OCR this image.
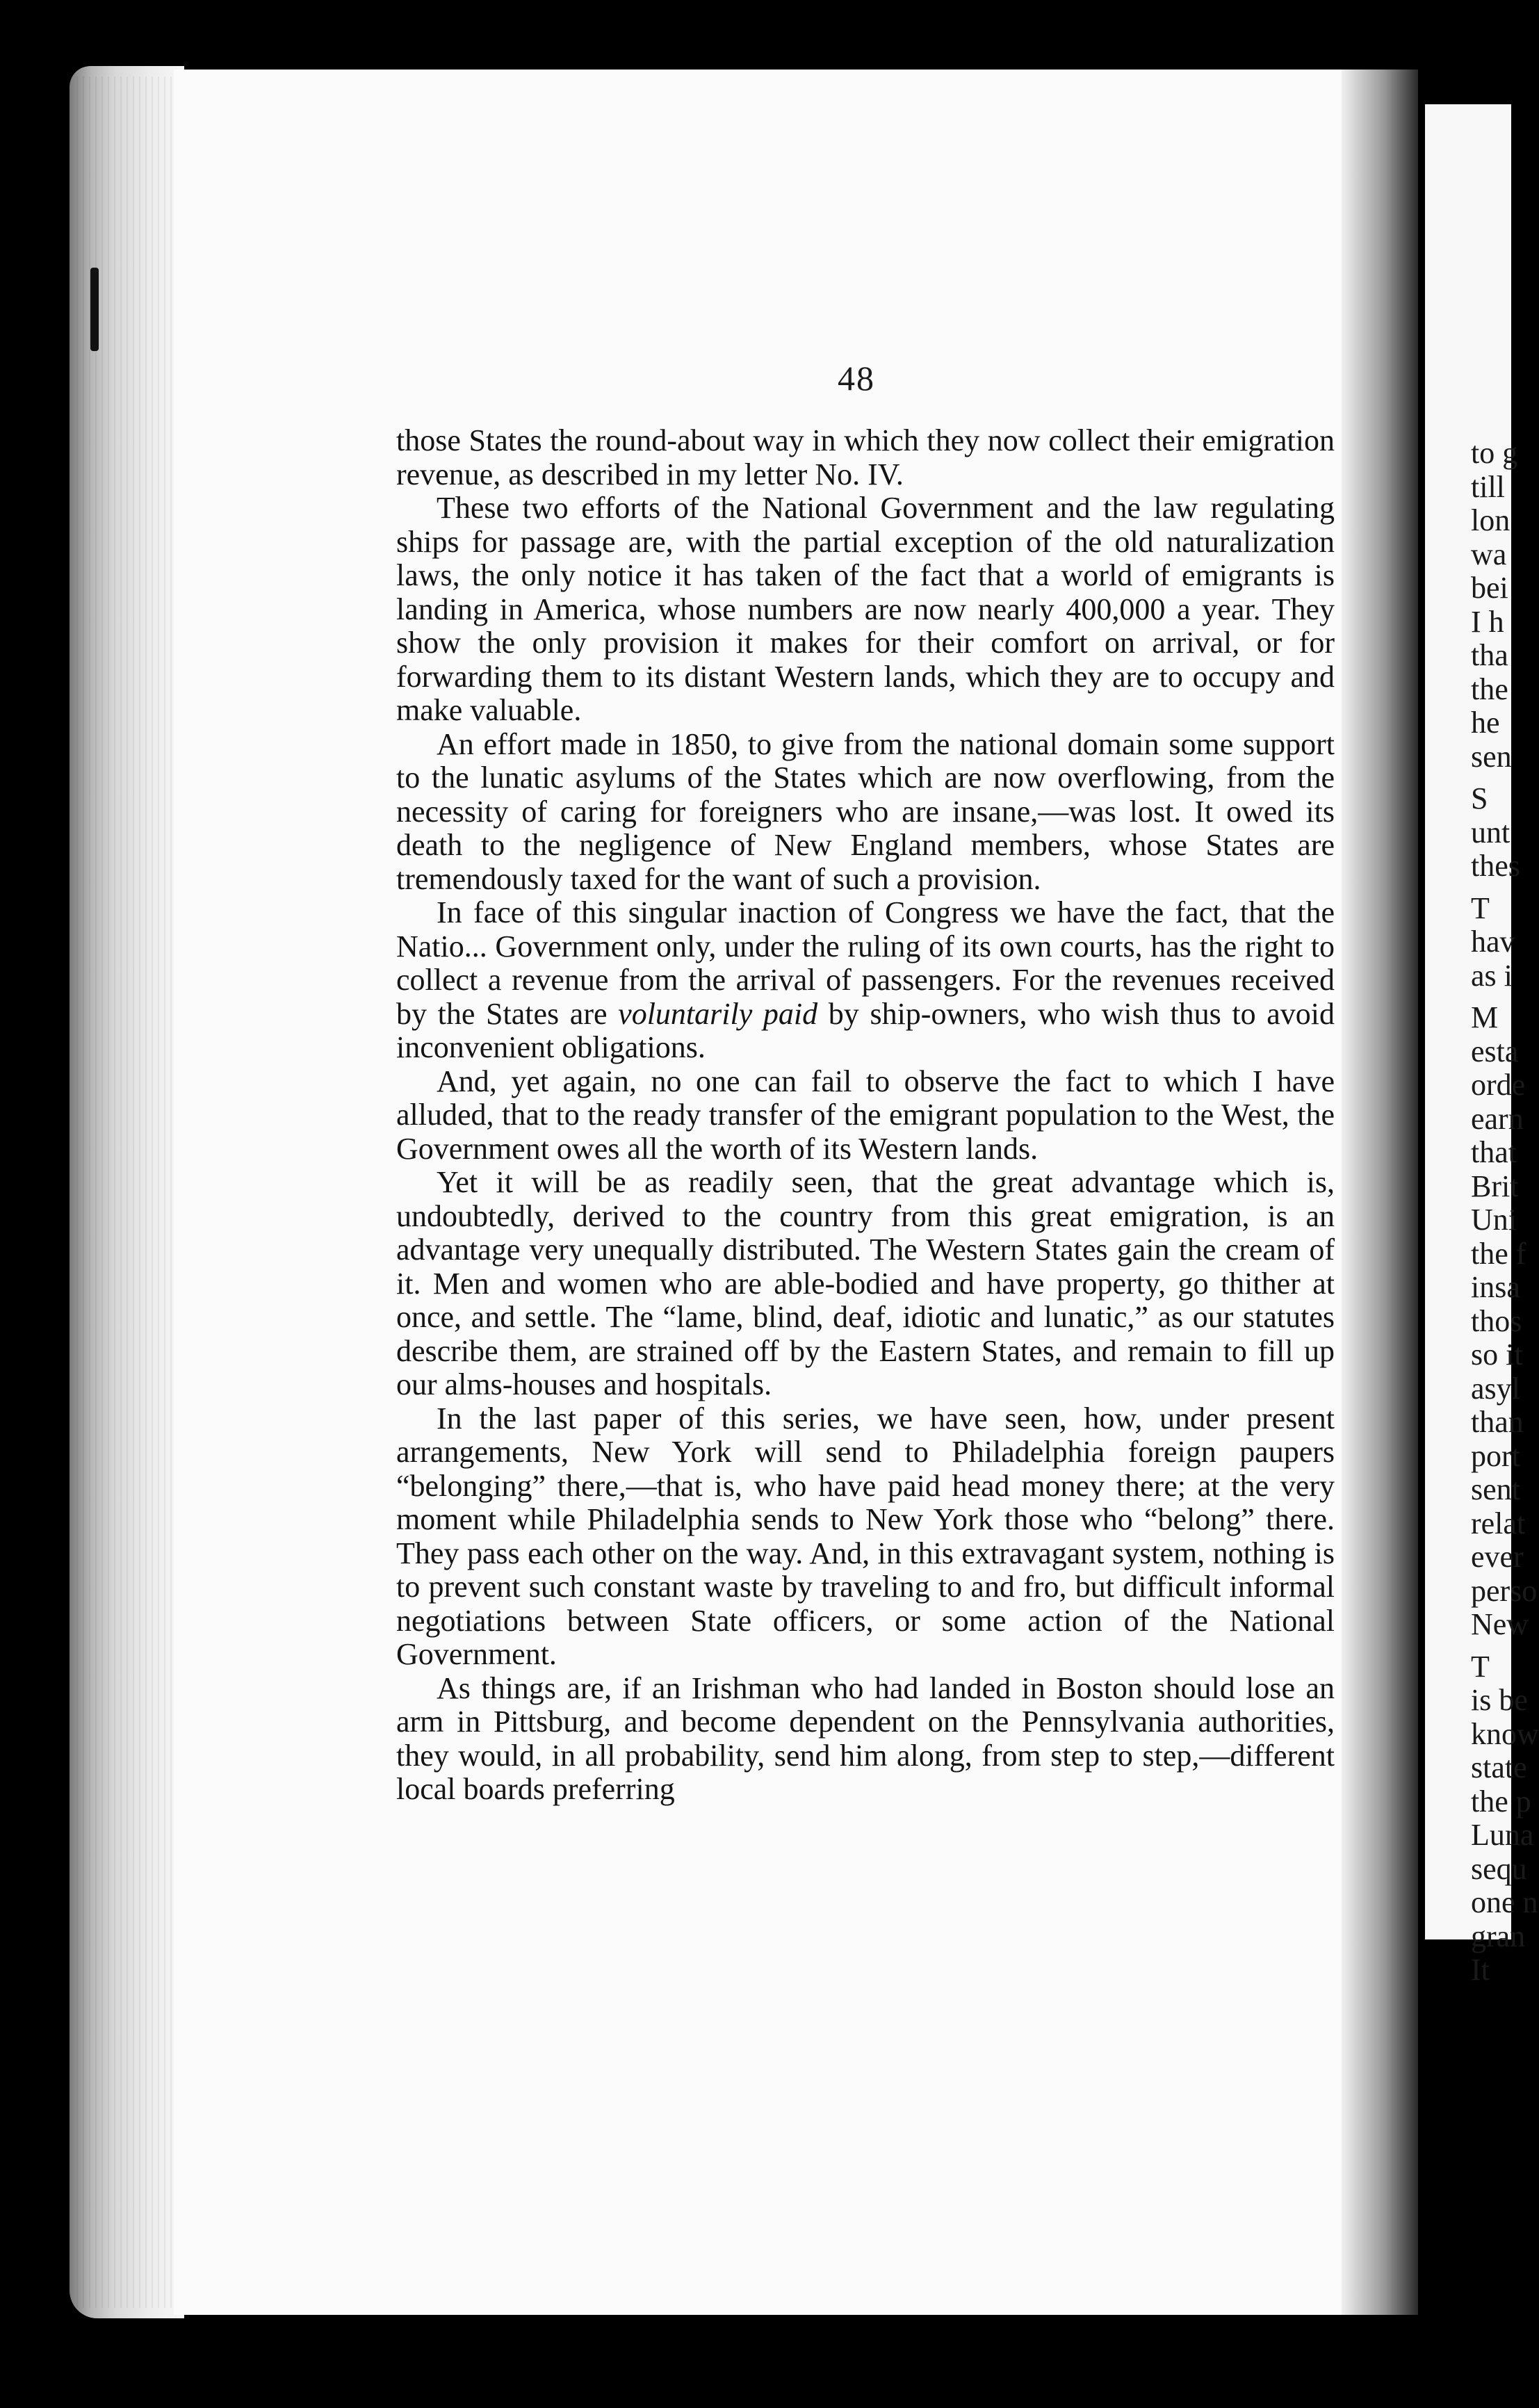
to g
till
lon
wa
bei
I h
tha
the
he
sen
S
unt
thes
T
hav
as i
M
esta
orde
earn
that
Brit
Uni
the f
insa
thos
so it
asyl
than
port
sent
relat
ever
perso
New
T
is be
know
state
the p
Luna
sequ
one n
gran
It
48

those States the round-about way in which they now collect their emigration revenue, as described in my letter No. IV.

These two efforts of the National Government and the law regulating ships for passage are, with the partial exception of the old naturalization laws, the only notice it has taken of the fact that a world of emigrants is landing in America, whose numbers are now nearly 400,000 a year. They show the only provision it makes for their comfort on arrival, or for forwarding them to its distant Western lands, which they are to occupy and make valuable.

An effort made in 1850, to give from the national domain some support to the lunatic asylums of the States which are now overflowing, from the necessity of caring for foreigners who are insane,—was lost. It owed its death to the negligence of New England members, whose States are tremendously taxed for the want of such a provision.

In face of this singular inaction of Congress we have the fact, that the Natio... Government only, under the ruling of its own courts, has the right to collect a revenue from the arrival of passengers. For the revenues received by the States are voluntarily paid by ship-owners, who wish thus to avoid inconvenient obligations.

And, yet again, no one can fail to observe the fact to which I have alluded, that to the ready transfer of the emigrant population to the West, the Government owes all the worth of its Western lands.

Yet it will be as readily seen, that the great advantage which is, undoubtedly, derived to the country from this great emigration, is an advantage very unequally distributed. The Western States gain the cream of it. Men and women who are able-bodied and have property, go thither at once, and settle. The “lame, blind, deaf, idiotic and lunatic,” as our statutes describe them, are strained off by the Eastern States, and remain to fill up our alms-houses and hospitals.

In the last paper of this series, we have seen, how, under present arrangements, New York will send to Philadelphia foreign paupers “belonging” there,—that is, who have paid head money there; at the very moment while Philadelphia sends to New York those who “belong” there. They pass each other on the way. And, in this extravagant system, nothing is to prevent such constant waste by traveling to and fro, but difficult informal negotiations between State officers, or some action of the National Government.

As things are, if an Irishman who had landed in Boston should lose an arm in Pittsburg, and become dependent on the Pennsylvania authorities, they would, in all probability, send him along, from step to step,—different local boards preferring
